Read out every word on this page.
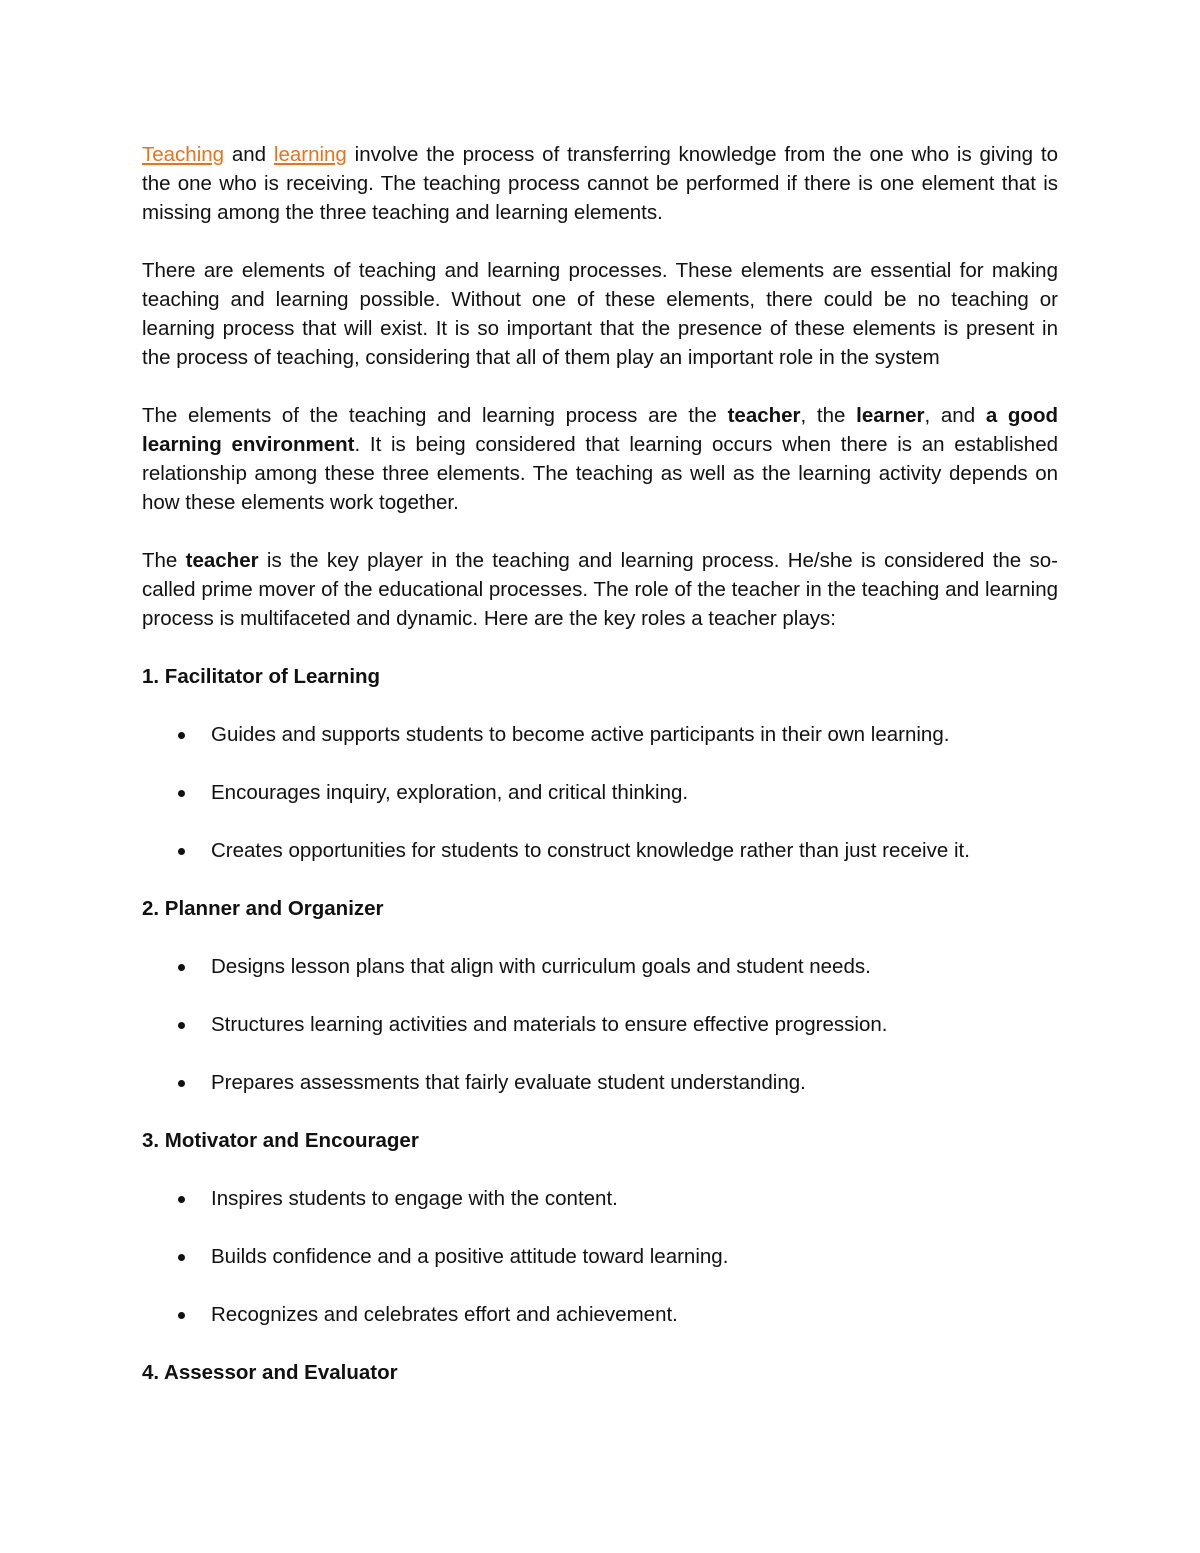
Teaching and learning involve the process of transferring knowledge from the one who is giving to the one who is receiving. The teaching process cannot be performed if there is one element that is missing among the three teaching and learning elements.

There are elements of teaching and learning processes. These elements are essential for making teaching and learning possible. Without one of these elements, there could be no teaching or learning process that will exist. It is so important that the presence of these elements is present in the process of teaching, considering that all of them play an important role in the system

The elements of the teaching and learning process are the teacher, the learner, and a good learning environment. It is being considered that learning occurs when there is an established relationship among these three elements. The teaching as well as the learning activity depends on how these elements work together.

The teacher is the key player in the teaching and learning process. He/she is considered the so-called prime mover of the educational processes. The role of the teacher in the teaching and learning process is multifaceted and dynamic. Here are the key roles a teacher plays:

1. Facilitator of Learning
Guides and supports students to become active participants in their own learning.
Encourages inquiry, exploration, and critical thinking.
Creates opportunities for students to construct knowledge rather than just receive it.
2. Planner and Organizer
Designs lesson plans that align with curriculum goals and student needs.
Structures learning activities and materials to ensure effective progression.
Prepares assessments that fairly evaluate student understanding.
3. Motivator and Encourager
Inspires students to engage with the content.
Builds confidence and a positive attitude toward learning.
Recognizes and celebrates effort and achievement.
4. Assessor and Evaluator
